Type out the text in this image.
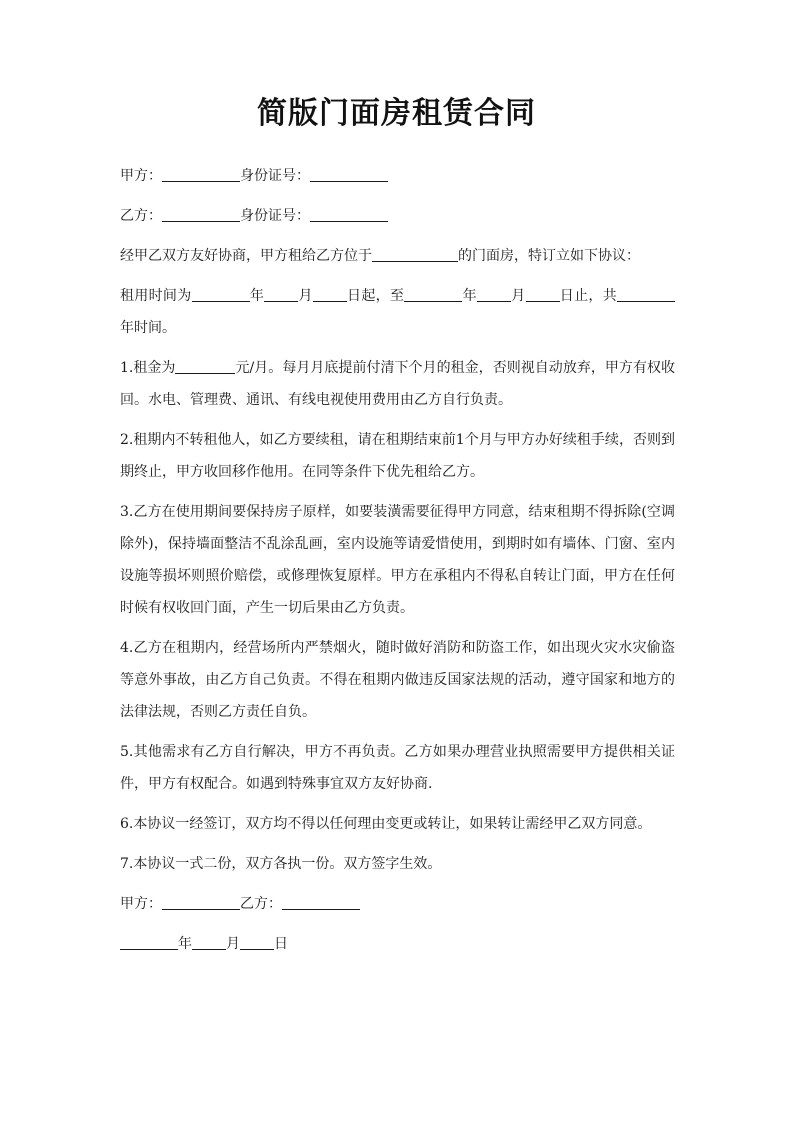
简版门面房租赁合同

甲方：	身份证号：

乙方：	身份证号：

经甲乙双方友好协商，甲方租给乙方位于	的门面房，特订立如下协议：

租用时间为	年 月 日起，至	年 月 日止，共年时间。

1.租金为	元/月。每月月底提前付清下个月的租金，否则视自动放弃，甲方有权收回。水电、管理费、通讯、有线电视使用费用由乙方自行负责。

2.租期内不转租他人，如乙方要续租，请在租期结束前1个月与甲方办好续租手续，否则到期终止，甲方收回移作他用。在同等条件下优先租给乙方。

3.乙方在使用期间要保持房子原样，如要装潢需要征得甲方同意，结束租期不得拆除(空调除外)，保持墙面整洁不乱涂乱画，室内设施等请爱惜使用，到期时如有墙体、门窗、室内设施等损坏则照价赔偿，或修理恢复原样。甲方在承租内不得私自转让门面，甲方在任何时候有权收回门面，产生一切后果由乙方负责。

4.乙方在租期内，经营场所内严禁烟火，随时做好消防和防盗工作，如出现火灾水灾偷盗等意外事故，由乙方自己负责。不得在租期内做违反国家法规的活动，遵守国家和地方的法律法规，否则乙方责任自负。

5.其他需求有乙方自行解决，甲方不再负责。乙方如果办理营业执照需要甲方提供相关证件，甲方有权配合。如遇到特殊事宜双方友好协商.

6.本协议一经签订，双方均不得以任何理由变更或转让，如果转让需经甲乙双方同意。

7.本协议一式二份，双方各执一份。双方签字生效。

甲方：	乙方：

年 月 日
